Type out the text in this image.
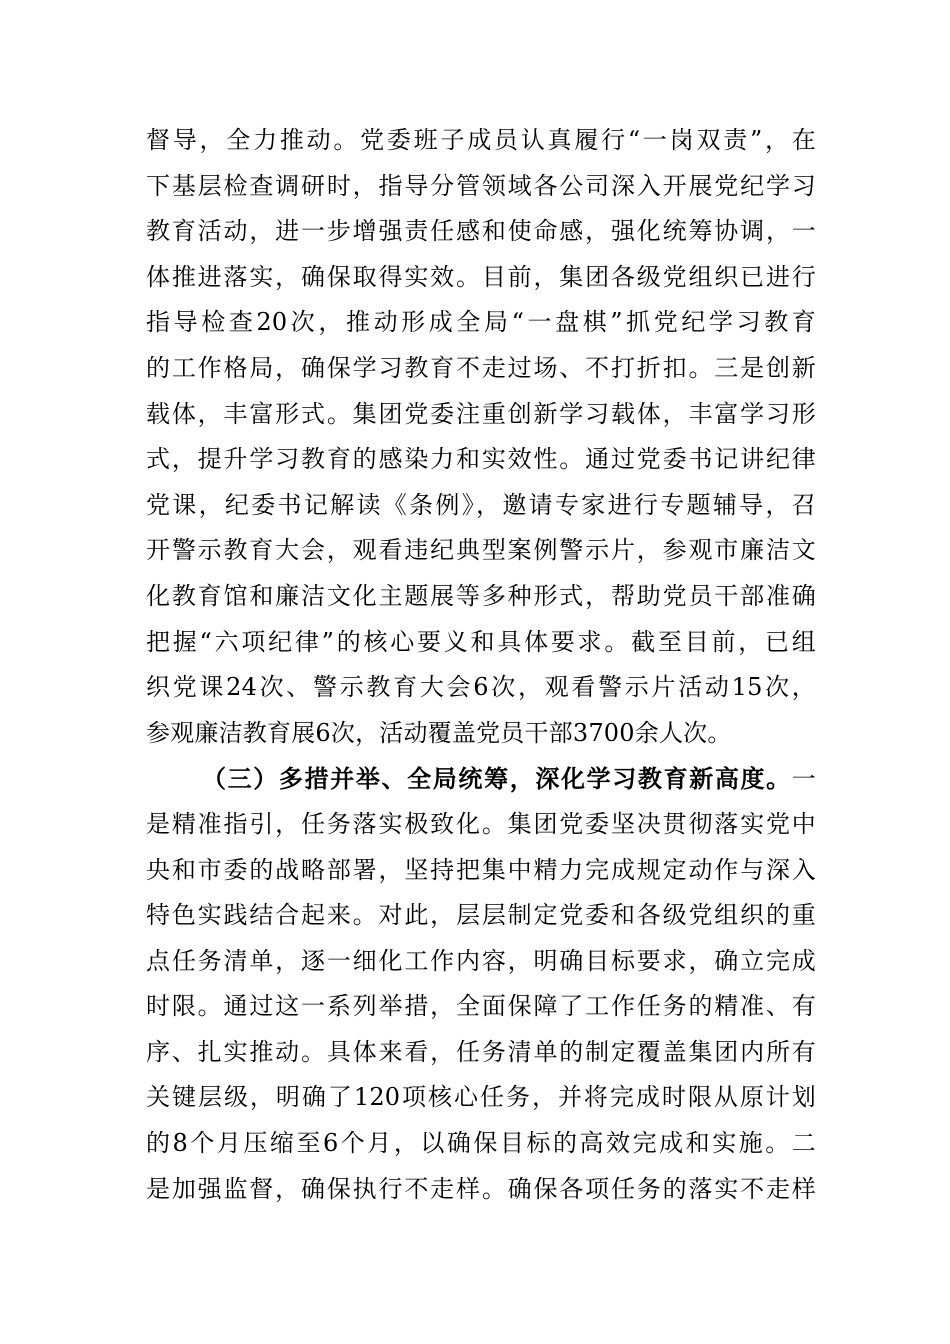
督导，全力推动。党委班子成员认真履行“一岗双责”，在
下基层检查调研时，指导分管领域各公司深入开展党纪学习
教育活动，进一步增强责任感和使命感，强化统筹协调，一
体推进落实，确保取得实效。目前，集团各级党组织已进行
指导检查20次，推动形成全局“一盘棋”抓党纪学习教育
的工作格局，确保学习教育不走过场、不打折扣。三是创新
载体，丰富形式。集团党委注重创新学习载体，丰富学习形
式，提升学习教育的感染力和实效性。通过党委书记讲纪律
党课，纪委书记解读《条例》，邀请专家进行专题辅导，召
开警示教育大会，观看违纪典型案例警示片，参观市廉洁文
化教育馆和廉洁文化主题展等多种形式，帮助党员干部准确
把握“六项纪律”的核心要义和具体要求。截至目前，已组
织党课24次、警示教育大会6次，观看警示片活动15次，
参观廉洁教育展6次，活动覆盖党员干部3700余人次。
（三）多措并举、全局统筹，深化学习教育新高度。一
是精准指引，任务落实极致化。集团党委坚决贯彻落实党中
央和市委的战略部署，坚持把集中精力完成规定动作与深入
特色实践结合起来。对此，层层制定党委和各级党组织的重
点任务清单，逐一细化工作内容，明确目标要求，确立完成
时限。通过这一系列举措，全面保障了工作任务的精准、有
序、扎实推动。具体来看，任务清单的制定覆盖集团内所有
关键层级，明确了120项核心任务，并将完成时限从原计划
的8个月压缩至6个月，以确保目标的高效完成和实施。二
是加强监督，确保执行不走样。确保各项任务的落实不走样
